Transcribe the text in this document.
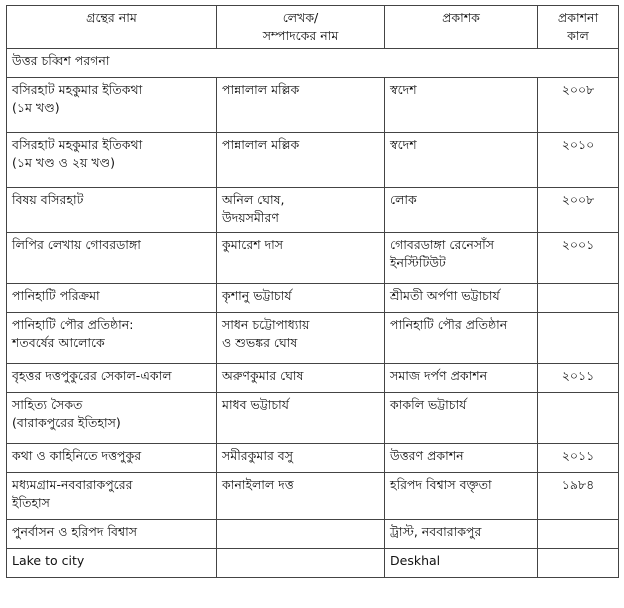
গ্রন্থের নাম	লেখক/
সম্পাদকের নাম	প্রকাশক	প্রকাশনা
কাল
উত্তর চব্বিশ পরগনা			
বসিরহাট মহকুমার ইতিকথা
(১ম খণ্ড)	পান্নালাল মল্লিক	স্বদেশ	২০০৮
বসিরহাট মহকুমার ইতিকথা
(১ম খণ্ড ও ২য় খণ্ড)	পান্নালাল মল্লিক	স্বদেশ	২০১০
বিষয় বসিরহাট	অনিল ঘোষ,
উদয়সমীরণ	লোক	২০০৮
লিপির লেখায় গোবরডাঙ্গা	কুমারেশ দাস	গোবরডাঙ্গা রেনেসাঁস
ইনস্টিটিউট	২০০১
পানিহাটি পরিক্রমা	কৃশানু ভট্টাচার্য	শ্রীমতী অর্পণা ভট্টাচার্য	
পানিহাটি পৌর প্রতিষ্ঠান:
শতবর্ষের আলোকে	সাধন চট্টোপাধ্যায়
ও শুভঙ্কর ঘোষ	পানিহাটি পৌর প্রতিষ্ঠান	
বৃহত্তর দত্তপুকুরের সেকাল-একাল	অরুণকুমার ঘোষ	সমাজ দর্পণ প্রকাশন	২০১১
সাহিত্য সৈকত
(বারাকপুরের ইতিহাস)	মাধব ভট্টাচার্য	কাকলি ভট্টাচার্য	
কথা ও কাহিনিতে দত্তপুকুর	সমীরকুমার বসু	উত্তরণ প্রকাশন	২০১১
মধ্যমগ্রাম-নববারাকপুরের
ইতিহাস	কানাইলাল দত্ত	হরিপদ বিশ্বাস বক্তৃতা	১৯৮৪
পুনর্বাসন ও হরিপদ বিশ্বাস		ট্রাস্ট, নববারাকপুর	
Lake to city		Deskhal	
